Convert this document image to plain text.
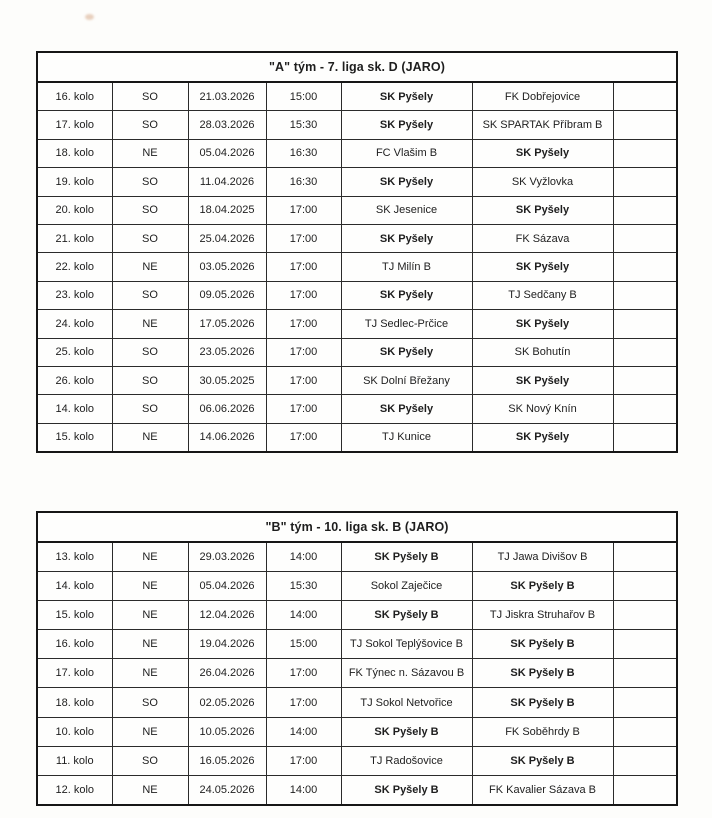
"A" tým - 7. liga sk. D (JARO)						
16. kolo	SO	21.03.2026	15:00	SK Pyšely	FK Dobřejovice	
17. kolo	SO	28.03.2026	15:30	SK Pyšely	SK SPARTAK Příbram B	
18. kolo	NE	05.04.2026	16:30	FC Vlašim B	SK Pyšely	
19. kolo	SO	11.04.2026	16:30	SK Pyšely	SK Vyžlovka	
20. kolo	SO	18.04.2025	17:00	SK Jesenice	SK Pyšely	
21. kolo	SO	25.04.2026	17:00	SK Pyšely	FK Sázava	
22. kolo	NE	03.05.2026	17:00	TJ Milín B	SK Pyšely	
23. kolo	SO	09.05.2026	17:00	SK Pyšely	TJ Sedčany B	
24. kolo	NE	17.05.2026	17:00	TJ Sedlec-Prčice	SK Pyšely	
25. kolo	SO	23.05.2026	17:00	SK Pyšely	SK Bohutín	
26. kolo	SO	30.05.2025	17:00	SK Dolní Břežany	SK Pyšely	
14. kolo	SO	06.06.2026	17:00	SK Pyšely	SK Nový Knín	
15. kolo	NE	14.06.2026	17:00	TJ Kunice	SK Pyšely	
"B" tým - 10. liga sk. B (JARO)						
13. kolo	NE	29.03.2026	14:00	SK Pyšely B	TJ Jawa Divišov B	
14. kolo	NE	05.04.2026	15:30	Sokol Zaječice	SK Pyšely B	
15. kolo	NE	12.04.2026	14:00	SK Pyšely B	TJ Jiskra Struhařov B	
16. kolo	NE	19.04.2026	15:00	TJ Sokol Teplýšovice B	SK Pyšely B	
17. kolo	NE	26.04.2026	17:00	FK Týnec n. Sázavou B	SK Pyšely B	
18. kolo	SO	02.05.2026	17:00	TJ Sokol Netvořice	SK Pyšely B	
10. kolo	NE	10.05.2026	14:00	SK Pyšely B	FK Soběhrdy B	
11. kolo	SO	16.05.2026	17:00	TJ Radošovice	SK Pyšely B	
12. kolo	NE	24.05.2026	14:00	SK Pyšely B	FK Kavalier Sázava B	
